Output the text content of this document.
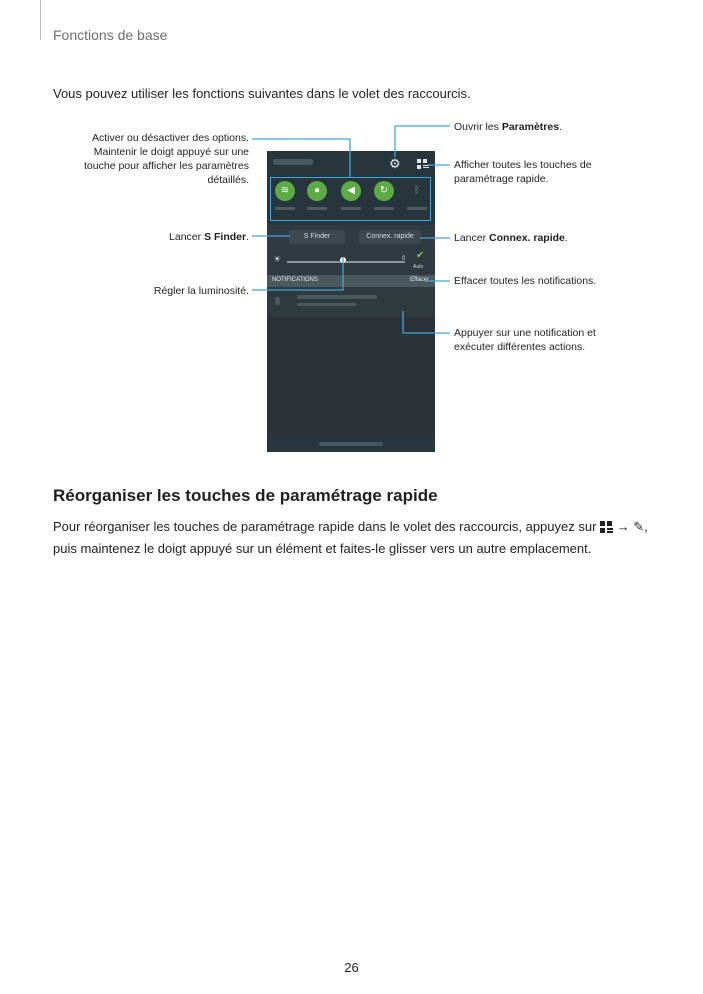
Fonctions de base
Vous pouvez utiliser les fonctions suivantes dans le volet des raccourcis.
Activer ou désactiver des options.
Maintenir le doigt appuyé sur une
touche pour afficher les paramètres
détaillés.
Lancer S Finder.
Régler la luminosité.
Ouvrir les Paramètres.
Afficher toutes les touches de
paramétrage rapide.
Lancer Connex. rapide.
Effacer toutes les notifications.
Appuyer sur une notification et
exécuter différentes actions.
⚙
≋	●	◀	↻	ᛒ
S Finder	Connex. rapide
☀	0 ✔
Auto
NOTIFICATIONS	Effacer
Réorganiser les touches de paramétrage rapide

Pour réorganiser les touches de paramétrage rapide dans le volet des raccourcis, appuyez sur
→ ✎, puis maintenez le doigt appuyé sur un élément et faites-le glisser vers un autre emplacement.

26
